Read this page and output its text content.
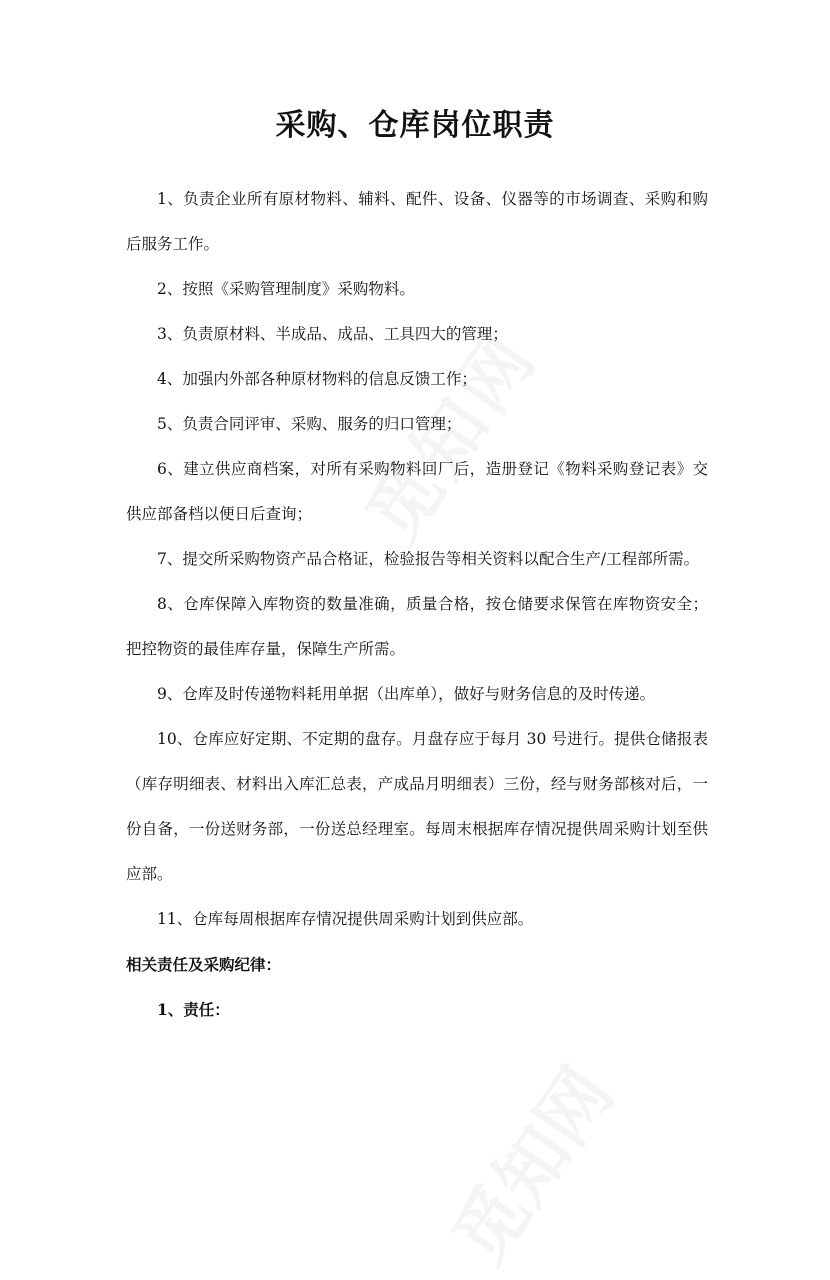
采购、仓库岗位职责

1、负责企业所有原材物料、辅料、配件、设备、仪器等的市场调查、采购和购后服务工作。

2、按照《采购管理制度》采购物料。

3、负责原材料、半成品、成品、工具四大的管理；

4、加强内外部各种原材物料的信息反馈工作；

5、负责合同评审、采购、服务的归口管理；

6、建立供应商档案，对所有采购物料回厂后，造册登记《物料采购登记表》交供应部备档以便日后查询；

7、提交所采购物资产品合格证，检验报告等相关资料以配合生产/工程部所需。

8、仓库保障入库物资的数量准确，质量合格，按仓储要求保管在库物资安全；把控物资的最佳库存量，保障生产所需。

9、仓库及时传递物料耗用单据（出库单），做好与财务信息的及时传递。

10、仓库应好定期、不定期的盘存。月盘存应于每月 30 号进行。提供仓储报表（库存明细表、材料出入库汇总表，产成品月明细表）三份，经与财务部核对后，一份自备，一份送财务部，一份送总经理室。每周末根据库存情况提供周采购计划至供应部。

11、仓库每周根据库存情况提供周采购计划到供应部。

相关责任及采购纪律：

1、责任：
